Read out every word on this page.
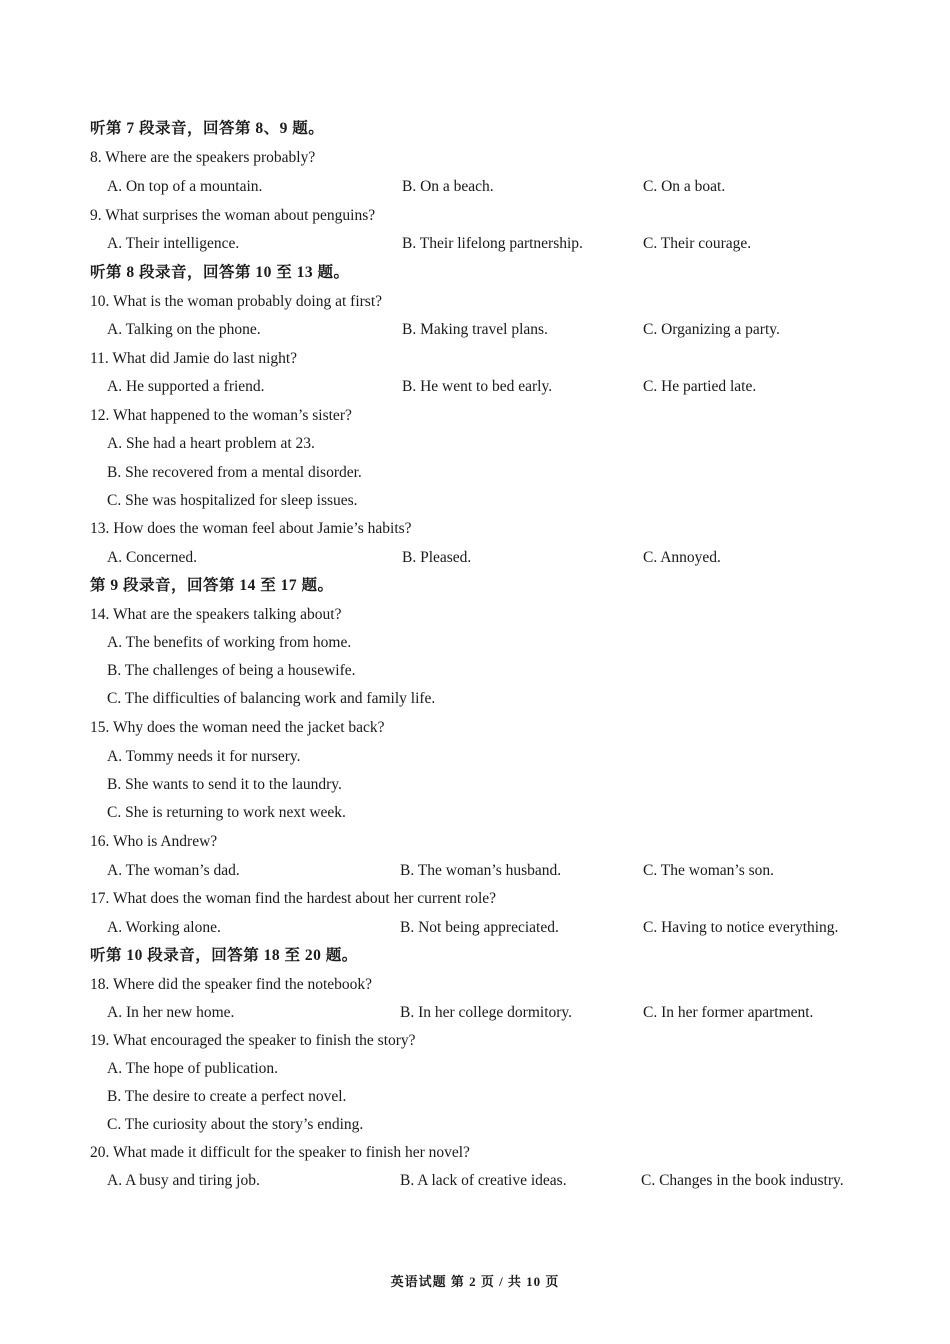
听第 7 段录音，回答第 8、9 题。
8. Where are the speakers probably?
A. On top of a mountain.	B. On a beach.	C. On a boat.
9. What surprises the woman about penguins?
A. Their intelligence.	B. Their lifelong partnership.	C. Their courage.
听第 8 段录音，回答第 10 至 13 题。
10. What is the woman probably doing at first?
A. Talking on the phone.	B. Making travel plans.	C. Organizing a party.
11. What did Jamie do last night?
A. He supported a friend.	B. He went to bed early.	C. He partied late.
12. What happened to the woman’s sister?
A. She had a heart problem at 23.
B. She recovered from a mental disorder.
C. She was hospitalized for sleep issues.
13. How does the woman feel about Jamie’s habits?
A. Concerned.	B. Pleased.	C. Annoyed.
第 9 段录音，回答第 14 至 17 题。
14. What are the speakers talking about?
A. The benefits of working from home.
B. The challenges of being a housewife.
C. The difficulties of balancing work and family life.
15. Why does the woman need the jacket back?
A. Tommy needs it for nursery.
B. She wants to send it to the laundry.
C. She is returning to work next week.
16. Who is Andrew?
A. The woman’s dad.	B. The woman’s husband.	C. The woman’s son.
17. What does the woman find the hardest about her current role?
A. Working alone.	B. Not being appreciated.	C. Having to notice everything.
听第 10 段录音，回答第 18 至 20 题。
18. Where did the speaker find the notebook?
A. In her new home.	B. In her college dormitory.	C. In her former apartment.
19. What encouraged the speaker to finish the story?
A. The hope of publication.
B. The desire to create a perfect novel.
C. The curiosity about the story’s ending.
20. What made it difficult for the speaker to finish her novel?
A. A busy and tiring job.	B. A lack of creative ideas.	C. Changes in the book industry.
英语试题 第 2 页 / 共 10 页
